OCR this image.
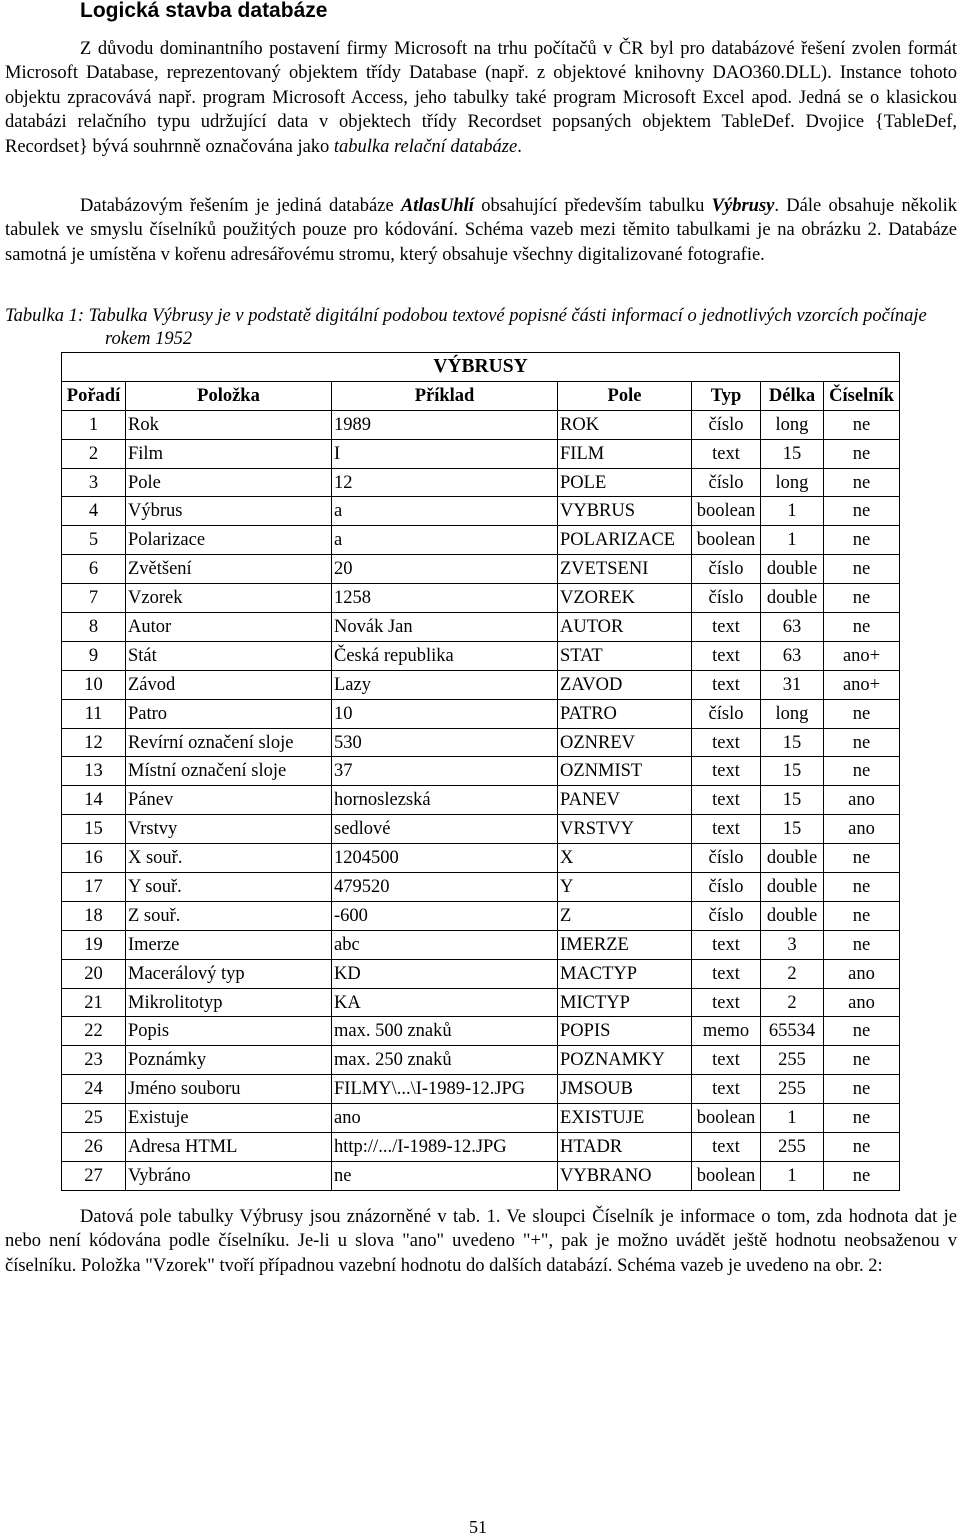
Logická stavba databáze

Z důvodu dominantního postavení firmy Microsoft na trhu počítačů v ČR byl pro databázové řešení zvolen formát Microsoft Database, reprezentovaný objektem třídy Database (např. z objektové knihovny DAO360.DLL). Instance tohoto objektu zpracovává např. program Microsoft Access, jeho tabulky také program Microsoft Excel apod. Jedná se o klasickou databázi relačního typu udržující data v objektech třídy Recordset popsaných objektem TableDef. Dvojice {TableDef, Recordset} bývá souhrnně označována jako tabulka relační databáze.

Databázovým řešením je jediná databáze AtlasUhlí obsahující především tabulku Výbrusy. Dále obsahuje několik tabulek ve smyslu číselníků použitých pouze pro kódování. Schéma vazeb mezi těmito tabulkami je na obrázku 2. Databáze samotná je umístěna v kořenu adresářovému stromu, který obsahuje všechny digitalizované fotografie.

Tabulka 1: Tabulka Výbrusy je v podstatě digitální podobou textové popisné části informací o jednotlivých vzorcích počínaje rokem 1952

VÝBRUSY						
Pořadí	Položka	Příklad	Pole	Typ	Délka	Číselník
1	Rok	1989	ROK	číslo	long	ne
2	Film	I	FILM	text	15	ne
3	Pole	12	POLE	číslo	long	ne
4	Výbrus	a	VYBRUS	boolean	1	ne
5	Polarizace	a	POLARIZACE	boolean	1	ne
6	Zvětšení	20	ZVETSENI	číslo	double	ne
7	Vzorek	1258	VZOREK	číslo	double	ne
8	Autor	Novák Jan	AUTOR	text	63	ne
9	Stát	Česká republika	STAT	text	63	ano+
10	Závod	Lazy	ZAVOD	text	31	ano+
11	Patro	10	PATRO	číslo	long	ne
12	Revírní označení sloje	530	OZNREV	text	15	ne
13	Místní označení sloje	37	OZNMIST	text	15	ne
14	Pánev	hornoslezská	PANEV	text	15	ano
15	Vrstvy	sedlové	VRSTVY	text	15	ano
16	X souř.	1204500	X	číslo	double	ne
17	Y souř.	479520	Y	číslo	double	ne
18	Z souř.	-600	Z	číslo	double	ne
19	Imerze	abc	IMERZE	text	3	ne
20	Macerálový typ	KD	MACTYP	text	2	ano
21	Mikrolitotyp	KA	MICTYP	text	2	ano
22	Popis	max. 500 znaků	POPIS	memo	65534	ne
23	Poznámky	max. 250 znaků	POZNAMKY	text	255	ne
24	Jméno souboru	FILMY\...\I-1989-12.JPG	JMSOUB	text	255	ne
25	Existuje	ano	EXISTUJE	boolean	1	ne
26	Adresa HTML	http://.../I-1989-12.JPG	HTADR	text	255	ne
27	Vybráno	ne	VYBRANO	boolean	1	ne

Datová pole tabulky Výbrusy jsou znázorněné v tab. 1. Ve sloupci Číselník je informace o tom, zda hodnota dat je nebo není kódována podle číselníku. Je-li u slova "ano" uvedeno "+", pak je možno uvádět ještě hodnotu neobsaženou v číselníku. Položka "Vzorek" tvoří případnou vazební hodnotu do dalších databází. Schéma vazeb je uvedeno na obr. 2:

51
